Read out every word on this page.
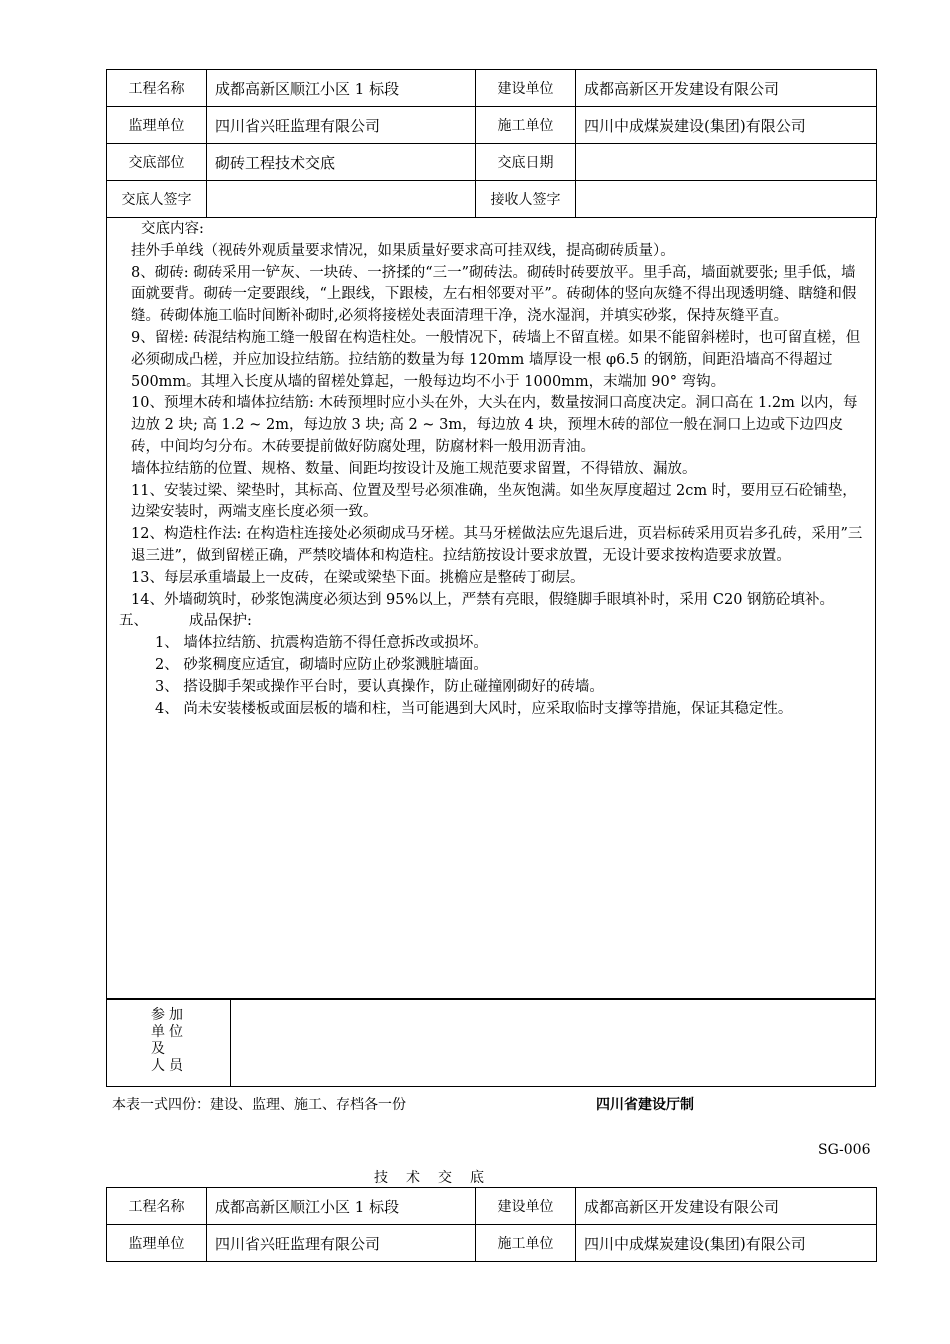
工程名称	成都高新区顺江小区 1 标段	建设单位	成都高新区开发建设有限公司
监理单位	四川省兴旺监理有限公司	施工单位	四川中成煤炭建设(集团)有限公司
交底部位	砌砖工程技术交底	交底日期	
交底人签字		接收人签字	

交底内容:

挂外手单线（视砖外观质量要求情况，如果质量好要求高可挂双线，提高砌砖质量）。

8、砌砖: 砌砖采用一铲灰、一块砖、一挤揉的“三一”砌砖法。砌砖时砖要放平。里手高，墙面就要张; 里手低，墙面就要背。砌砖一定要跟线，“上跟线，下跟棱，左右相邻要对平”。砖砌体的竖向灰缝不得出现透明缝、瞎缝和假缝。砖砌体施工临时间断补砌时,必须将接槎处表面清理干净，浇水湿润，并填实砂浆，保持灰缝平直。

9、留槎: 砖混结构施工缝一般留在构造柱处。一般情况下，砖墙上不留直槎。如果不能留斜槎时，也可留直槎，但必须砌成凸槎，并应加设拉结筋。拉结筋的数量为每 120mm 墙厚设一根 φ6.5 的钢筋，间距沿墙高不得超过 500mm。其埋入长度从墙的留槎处算起，一般每边均不小于 1000mm，末端加 90° 弯钩。

10、预埋木砖和墙体拉结筋: 木砖预埋时应小头在外，大头在内，数量按洞口高度决定。洞口高在 1.2m 以内，每边放 2 块; 高 1.2 ~ 2m，每边放 3 块; 高 2 ~ 3m，每边放 4 块，预埋木砖的部位一般在洞口上边或下边四皮砖，中间均匀分布。木砖要提前做好防腐处理，防腐材料一般用沥青油。

墙体拉结筋的位置、规格、数量、间距均按设计及施工规范要求留置，不得错放、漏放。

11、安装过梁、梁垫时，其标高、位置及型号必须准确，坐灰饱满。如坐灰厚度超过 2cm 时，要用豆石砼铺垫，边梁安装时，两端支座长度必须一致。

12、构造柱作法: 在构造柱连接处必须砌成马牙槎。其马牙槎做法应先退后进，页岩标砖采用页岩多孔砖，采用”三退三进”，做到留槎正确，严禁咬墙体和构造柱。拉结筋按设计要求放置，无设计要求按构造要求放置。

13、每层承重墙最上一皮砖，在梁或梁垫下面。挑檐应是整砖丁砌层。

14、外墙砌筑时，砂浆饱满度必须达到 95%以上，严禁有亮眼，假缝脚手眼填补时，采用 C20 钢筋砼填补。

五、	成品保护:

1、 墙体拉结筋、抗震构造筋不得任意拆改或损坏。

2、 砂浆稠度应适宜，砌墙时应防止砂浆溅脏墙面。

3、 搭设脚手架或操作平台时，要认真操作，防止碰撞刚砌好的砖墙。

4、 尚未安装楼板或面层板的墙和柱，当可能遇到大风时，应采取临时支撑等措施，保证其稳定性。

参加
单位
及
人员
本表一式四份：建设、监理、施工、存档各一份	四川省建设厅制
SG-006
技术交底
工程名称	成都高新区顺江小区 1 标段	建设单位	成都高新区开发建设有限公司
监理单位	四川省兴旺监理有限公司	施工单位	四川中成煤炭建设(集团)有限公司
